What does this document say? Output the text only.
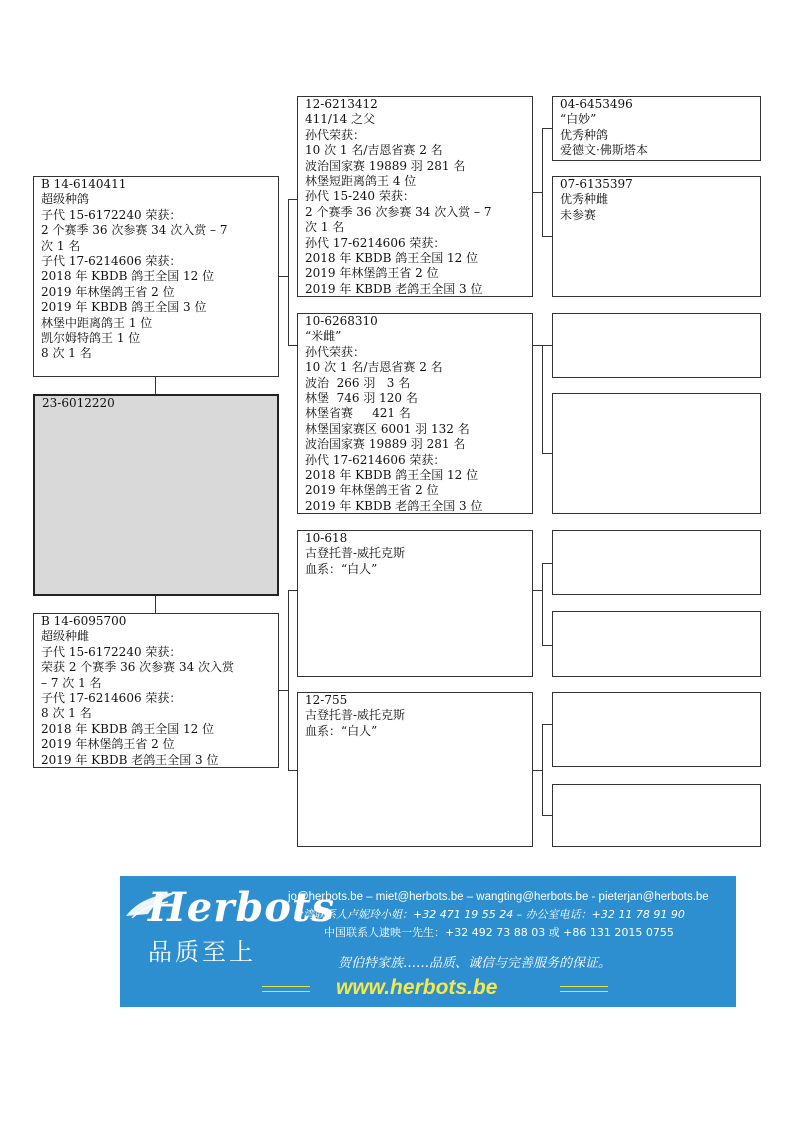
B 14-6140411
超级种鸽
子代 15-6172240 荣获：
2 个赛季 36 次参赛 34 次入赏 – 7
次 1 名
子代 17-6214606 荣获：
2018 年 KBDB 鸽王全国 12 位
2019 年林堡鸽王省 2 位
2019 年 KBDB 鸽王全国 3 位
林堡中距离鸽王 1 位
凯尔姆特鸽王 1 位
8 次 1 名
23-6012220
B 14-6095700
超级种雌
子代 15-6172240 荣获：
荣获 2 个赛季 36 次参赛 34 次入赏
– 7 次 1 名
子代 17-6214606 荣获：
8 次 1 名
2018 年 KBDB 鸽王全国 12 位
2019 年林堡鸽王省 2 位
2019 年 KBDB 老鸽王全国 3 位
12-6213412
411/14 之父
孙代荣获：
10 次 1 名/吉恩省赛 2 名
波治国家赛 19889 羽 281 名
林堡短距离鸽王 4 位
孙代 15-240 荣获：
2 个赛季 36 次参赛 34 次入赏 – 7
次 1 名
孙代 17-6214606 荣获：
2018 年 KBDB 鸽王全国 12 位
2019 年林堡鸽王省 2 位
2019 年 KBDB 老鸽王全国 3 位
10-6268310
“米雌”
孙代荣获：
10 次 1 名/吉恩省赛 2 名
波治  266 羽   3 名
林堡  746 羽 120 名
林堡省赛     421 名
林堡国家赛区 6001 羽 132 名
波治国家赛 19889 羽 281 名
孙代 17-6214606 荣获：
2018 年 KBDB 鸽王全国 12 位
2019 年林堡鸽王省 2 位
2019 年 KBDB 老鸽王全国 3 位
10-618
古登托普-威托克斯
血系：“白人”
12-755
古登托普-威托克斯
血系：“白人”
04-6453496
“白妙”
优秀种鸽
爱德文·佛斯塔本
07-6135397
优秀种雌
未参赛
Herbots
品质至上
jo@herbots.be – miet@herbots.be – wangting@herbots.be - pieterjan@herbots.be
台湾联系人卢妮玲小姐：+32 471 19 55 24 – 办公室电话：+32 11 78 91 90
中国联系人逮映一先生：+32 492 73 88 03 或 +86 131 2015 0755
贺伯特家族……品质、诚信与完善服务的保证。
www.herbots.be
